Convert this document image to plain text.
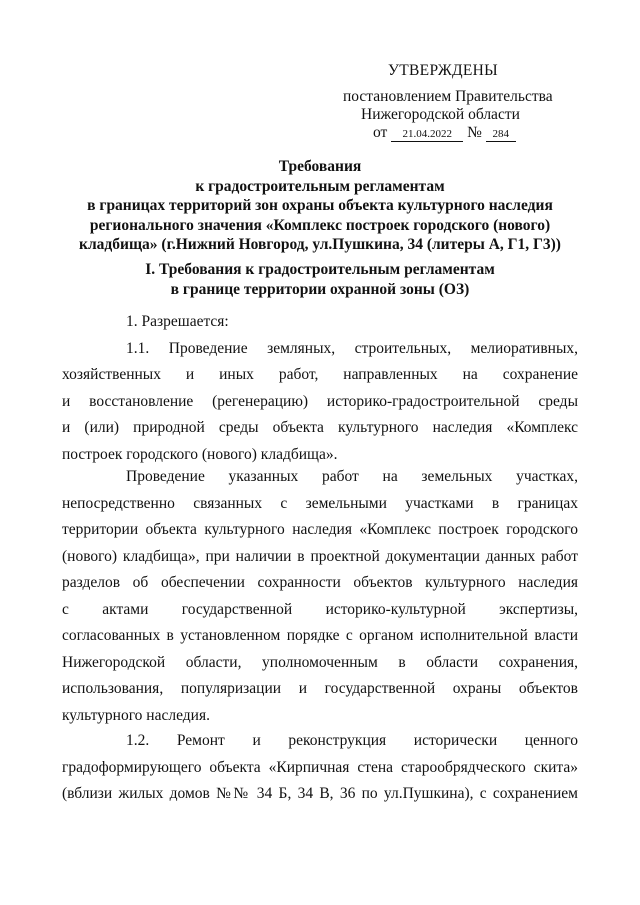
УТВЕРЖДЕНЫ
постановлением Правительства
Нижегородской области
от 21.04.2022 № 284
Требования
к градостроительным регламентам
в границах территорий зон охраны объекта культурного наследия
регионального значения «Комплекс построек городского (нового)
кладбища» (г.Нижний Новгород, ул.Пушкина, 34 (литеры А, Г1, Г3))
I. Требования к градостроительным регламентам
в границе территории охранной зоны (ОЗ)
1. Разрешается:
1.1. Проведение земляных, строительных, мелиоративных,
хозяйственных и иных работ, направленных на сохранение
и восстановление (регенерацию) историко-градостроительной среды
и (или) природной среды объекта культурного наследия «Комплекс
построек городского (нового) кладбища».
Проведение указанных работ на земельных участках,
непосредственно связанных с земельными участками в границах
территории объекта культурного наследия «Комплекс построек городского
(нового) кладбища», при наличии в проектной документации данных работ
разделов об обеспечении сохранности объектов культурного наследия
с актами государственной историко-культурной экспертизы,
согласованных в установленном порядке с органом исполнительной власти
Нижегородской области, уполномоченным в области сохранения,
использования, популяризации и государственной охраны объектов
культурного наследия.
1.2. Ремонт и реконструкция исторически ценного
градоформирующего объекта «Кирпичная стена старообрядческого скита»
(вблизи жилых домов №№ 34 Б, 34 В, 36 по ул.Пушкина), с сохранением
